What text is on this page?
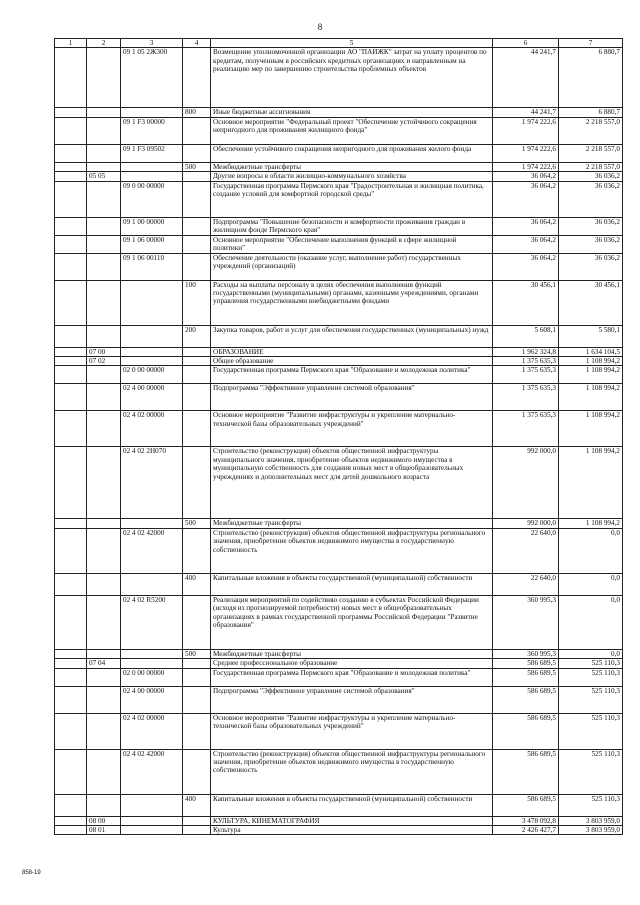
8
1	2	3	4	5	6	7
		09 1 05 2Ж300		Возмещение уполномоченной организации АО "ПАИЖК" затрат на уплату процентов по кредитам, полученным в российских кредитных организациях и направленным на реализацию мер по завершению строительства проблемных объектов	44 241,7	6 880,7
			800	Иные бюджетные ассигнования	44 241,7	6 880,7
		09 1 F3 00000		Основное мероприятие "Федеральный проект "Обеспечение устойчивого сокращения непригодного для проживания жилищного фонда"	1 974 222,6	2 218 557,0
		09 1 F3 09502		Обеспечение устойчивого сокращения непригодного для проживания жилого фонда	1 974 222,6	2 218 557,0
			500	Межбюджетные трансферты	1 974 222,6	2 218 557,0
	05 05			Другие вопросы в области жилищно-коммунального хозяйства	36 064,2	36 036,2
		09 0 00 00000		Государственная программа Пермского края "Градостроительная и жилищная политика, создание условий для комфортной городской среды"	36 064,2	36 036,2
		09 1 00 00000		Подпрограмма "Повышение безопасности и комфортности проживания граждан в жилищном фонде Пермского края"	36 064,2	36 036,2
		09 1 06 00000		Основное мероприятие "Обеспечение выполнения функций в сфере жилищной политики"	36 064,2	36 036,2
		09 1 06 00110		Обеспечение деятельности (оказание услуг, выполнение работ) государственных учреждений (организаций)	36 064,2	36 036,2
			100	Расходы на выплаты персоналу в целях обеспечения выполнения функций государственными (муниципальными) органами, казенными учреждениями, органами управления государственными внебюджетными фондами	30 456,1	30 456,1
			200	Закупка товаров, работ и услуг для обеспечения государственных (муниципальных) нужд	5 608,1	5 580,1
	07 00			ОБРАЗОВАНИЕ	1 962 324,8	1 634 104,5
	07 02			Общее образование	1 375 635,3	1 108 994,2
		02 0 00 00000		Государственная программа Пермского края "Образование и молодежная политика"	1 375 635,3	1 108 994,2
		02 4 00 00000		Подпрограмма "Эффективное управление системой образования"	1 375 635,3	1 108 994,2
		02 4 02 00000		Основное мероприятие "Развитие инфраструктуры и укрепление материально-технической базы образовательных учреждений"	1 375 635,3	1 108 994,2
		02 4 02 2Н070		Строительство (реконструкция) объектов общественной инфраструктуры муниципального значения, приобретение объектов недвижимого имущества в муниципальную собственность для создания новых мест в общеобразовательных учреждениях и дополнительных мест для детей дошкольного возраста	992 000,0	1 108 994,2
			500	Межбюджетные трансферты	992 000,0	1 108 994,2
		02 4 02 42000		Строительство (реконструкция) объектов общественной инфраструктуры регионального значения, приобретение объектов недвижимого имущества в государственную собственность	22 640,0	0,0
			400	Капитальные вложения в объекты государственной (муниципальной) собственности	22 640,0	0,0
		02 4 02 R5200		Реализация мероприятий по содействию созданию в субъектах Российской Федерации (исходя из прогнозируемой потребности) новых мест в общеобразовательных организациях в рамках государственной программы Российской Федерации "Развитие образования"	360 995,3	0,0
			500	Межбюджетные трансферты	360 995,3	0,0
	07 04			Среднее профессиональное образование	586 689,5	525 110,3
		02 0 00 00000		Государственная программа Пермского края "Образование и молодежная политика"	586 689,5	525 110,3
		02 4 00 00000		Подпрограмма "Эффективное управление системой образования"	586 689,5	525 110,3
		02 4 02 00000		Основное мероприятие "Развитие инфраструктуры и укрепление материально-технической базы образовательных учреждений"	586 689,5	525 110,3
		02 4 02 42000		Строительство (реконструкция) объектов общественной инфраструктуры регионального значения, приобретение объектов недвижимого имущества в государственную собственность	586 689,5	525 110,3
			400	Капитальные вложения в объекты государственной (муниципальной) собственности	586 689,5	525 110,3
	08 00			КУЛЬТУРА, КИНЕМАТОГРАФИЯ	3 478 092,8	3 803 959,0
	08 01			Культура	2 426 427,7	3 803 959,0
858-19
